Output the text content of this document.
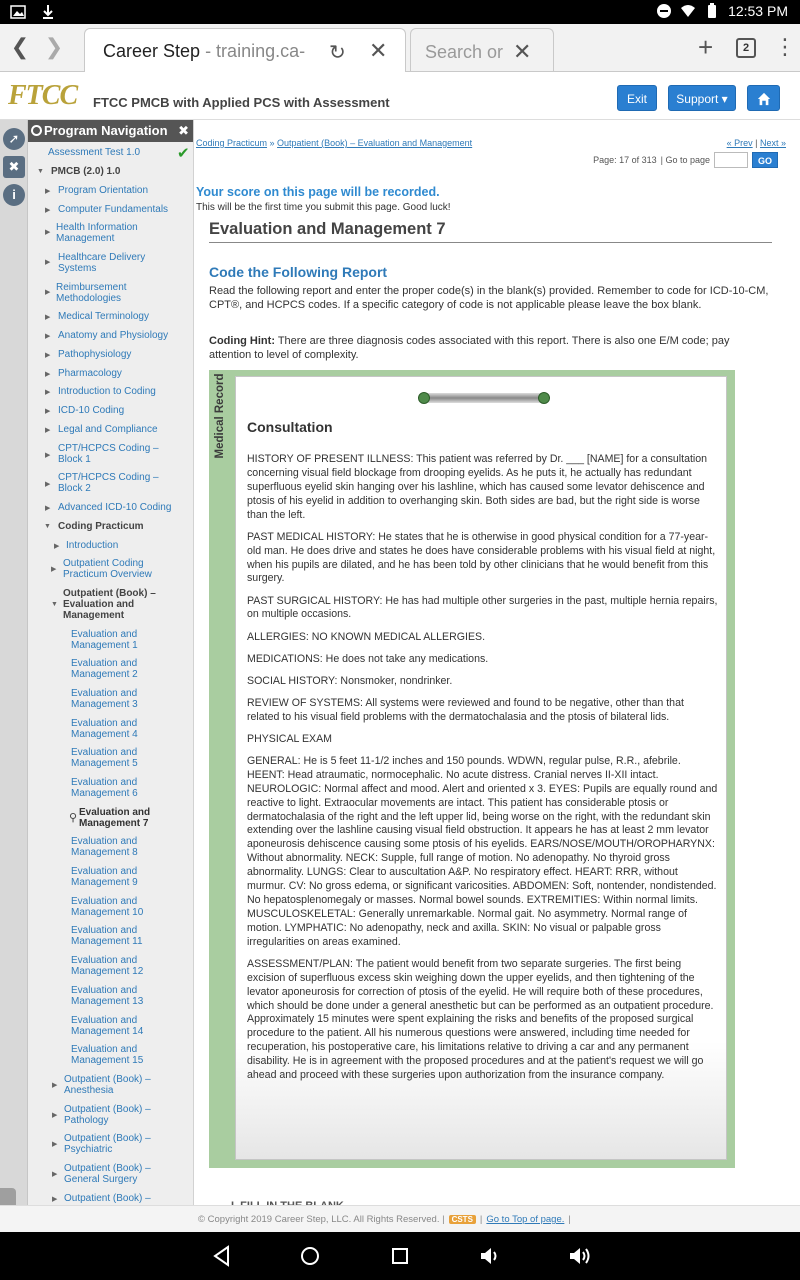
12:53 PM
❮ ❯ Career Step - training.ca-	↻ ✕ Search or ✕	+	2	⋮
FTCC FTCC PMCB with Applied PCS with Assessment	Exit	Support ▾
➚
✖
i
Program Navigation ✖
✔
Assessment Test 1.0
▼ PMCB (2.0) 1.0
▶ Program Orientation
▶ Computer Fundamentals
▶ Health Information Management
▶ Healthcare Delivery Systems
▶ Reimbursement Methodologies
▶ Medical Terminology
▶ Anatomy and Physiology
▶ Pathophysiology
▶ Pharmacology
▶ Introduction to Coding
▶ ICD-10 Coding
▶ Legal and Compliance
▶
CPT/HCPCS Coding – Block 1
▶
CPT/HCPCS Coding – Block 2
▶ Advanced ICD-10 Coding
▼ Coding Practicum
▶ Introduction
▶
Outpatient Coding Practicum Overview
▼
Outpatient (Book) – Evaluation and Management
Evaluation and Management 1
Evaluation and Management 2
Evaluation and Management 3
Evaluation and Management 4
Evaluation and Management 5
Evaluation and Management 6
⚲ Evaluation and Management 7
Evaluation and Management 8
Evaluation and Management 9
Evaluation and Management 10
Evaluation and Management 11
Evaluation and Management 12
Evaluation and Management 13
Evaluation and Management 14
Evaluation and Management 15
▶
Outpatient (Book) – Anesthesia
▶
Outpatient (Book) – Pathology
▶
Outpatient (Book) – Psychiatric
▶
Outpatient (Book) – General Surgery
▶ Outpatient (Book) –
Coding Practicum » Outpatient (Book) – Evaluation and Management	« Prev | Next »
Page: 17 of 313 | Go to page	GO
Your score on this page will be recorded.
This will be the first time you submit this page. Good luck!
Evaluation and Management 7
Code the Following Report
Read the following report and enter the proper code(s) in the blank(s) provided. Remember to code for ICD-10-CM, CPT®, and HCPCS codes. If a specific category of code is not applicable please leave the box blank.
Coding Hint: There are three diagnosis codes associated with this report. There is also one E/M code; pay attention to level of complexity.
Medical Record Consultation

HISTORY OF PRESENT ILLNESS: This patient was referred by Dr. ___ [NAME] for a consultation concerning visual field blockage from drooping eyelids. As he puts it, he actually has redundant superfluous eyelid skin hanging over his lashline, which has caused some levator dehiscence and ptosis of his eyelid in addition to overhanging skin. Both sides are bad, but the right side is worse than the left.

PAST MEDICAL HISTORY: He states that he is otherwise in good physical condition for a 77-year-old man. He does drive and states he does have considerable problems with his visual field at night, when his pupils are dilated, and he has been told by other clinicians that he would benefit from this surgery.

PAST SURGICAL HISTORY: He has had multiple other surgeries in the past, multiple hernia repairs, on multiple occasions.

ALLERGIES: NO KNOWN MEDICAL ALLERGIES.

MEDICATIONS: He does not take any medications.

SOCIAL HISTORY: Nonsmoker, nondrinker.

REVIEW OF SYSTEMS: All systems were reviewed and found to be negative, other than that related to his visual field problems with the dermatochalasia and the ptosis of bilateral lids.

PHYSICAL EXAM

GENERAL: He is 5 feet 11-1/2 inches and 150 pounds. WDWN, regular pulse, R.R., afebrile. HEENT: Head atraumatic, normocephalic. No acute distress. Cranial nerves II-XII intact. NEUROLOGIC: Normal affect and mood. Alert and oriented x 3. EYES: Pupils are equally round and reactive to light. Extraocular movements are intact. This patient has considerable ptosis or dermatochalasia of the right and the left upper lid, being worse on the right, with the redundant skin extending over the lashline causing visual field obstruction. It appears he has at least 2 mm levator aponeurosis dehiscence causing some ptosis of his eyelids. EARS/NOSE/MOUTH/OROPHARYNX: Without abnormality. NECK: Supple, full range of motion. No adenopathy. No thyroid gross abnormality. LUNGS: Clear to auscultation A&P. No respiratory effect. HEART: RRR, without murmur. CV: No gross edema, or significant varicosities. ABDOMEN: Soft, nontender, nondistended. No hepatosplenomegaly or masses. Normal bowel sounds. EXTREMITIES: Within normal limits. MUSCULOSKELETAL: Generally unremarkable. Normal gait. No asymmetry. Normal range of motion. LYMPHATIC: No adenopathy, neck and axilla. SKIN: No visual or palpable gross irregularities on areas examined.

ASSESSMENT/PLAN: The patient would benefit from two separate surgeries. The first being excision of superfluous excess skin weighing down the upper eyelids, and then tightening of the levator aponeurosis for correction of ptosis of the eyelid. He will require both of these procedures, which should be done under a general anesthetic but can be performed as an outpatient procedure. Approximately 15 minutes were spent explaining the risks and benefits of the proposed surgical procedure to the patient. All his numerous questions were answered, including time needed for recuperation, his postoperative care, his limitations relative to driving a car and any permanent disability. He is in agreement with the proposed procedures and at the patient's request we will go ahead and proceed with these surgeries upon authorization from the insurance company.

© Copyright 2019 Career Step, LLC. All Rights Reserved. | CSTS | Go to Top of page. |
